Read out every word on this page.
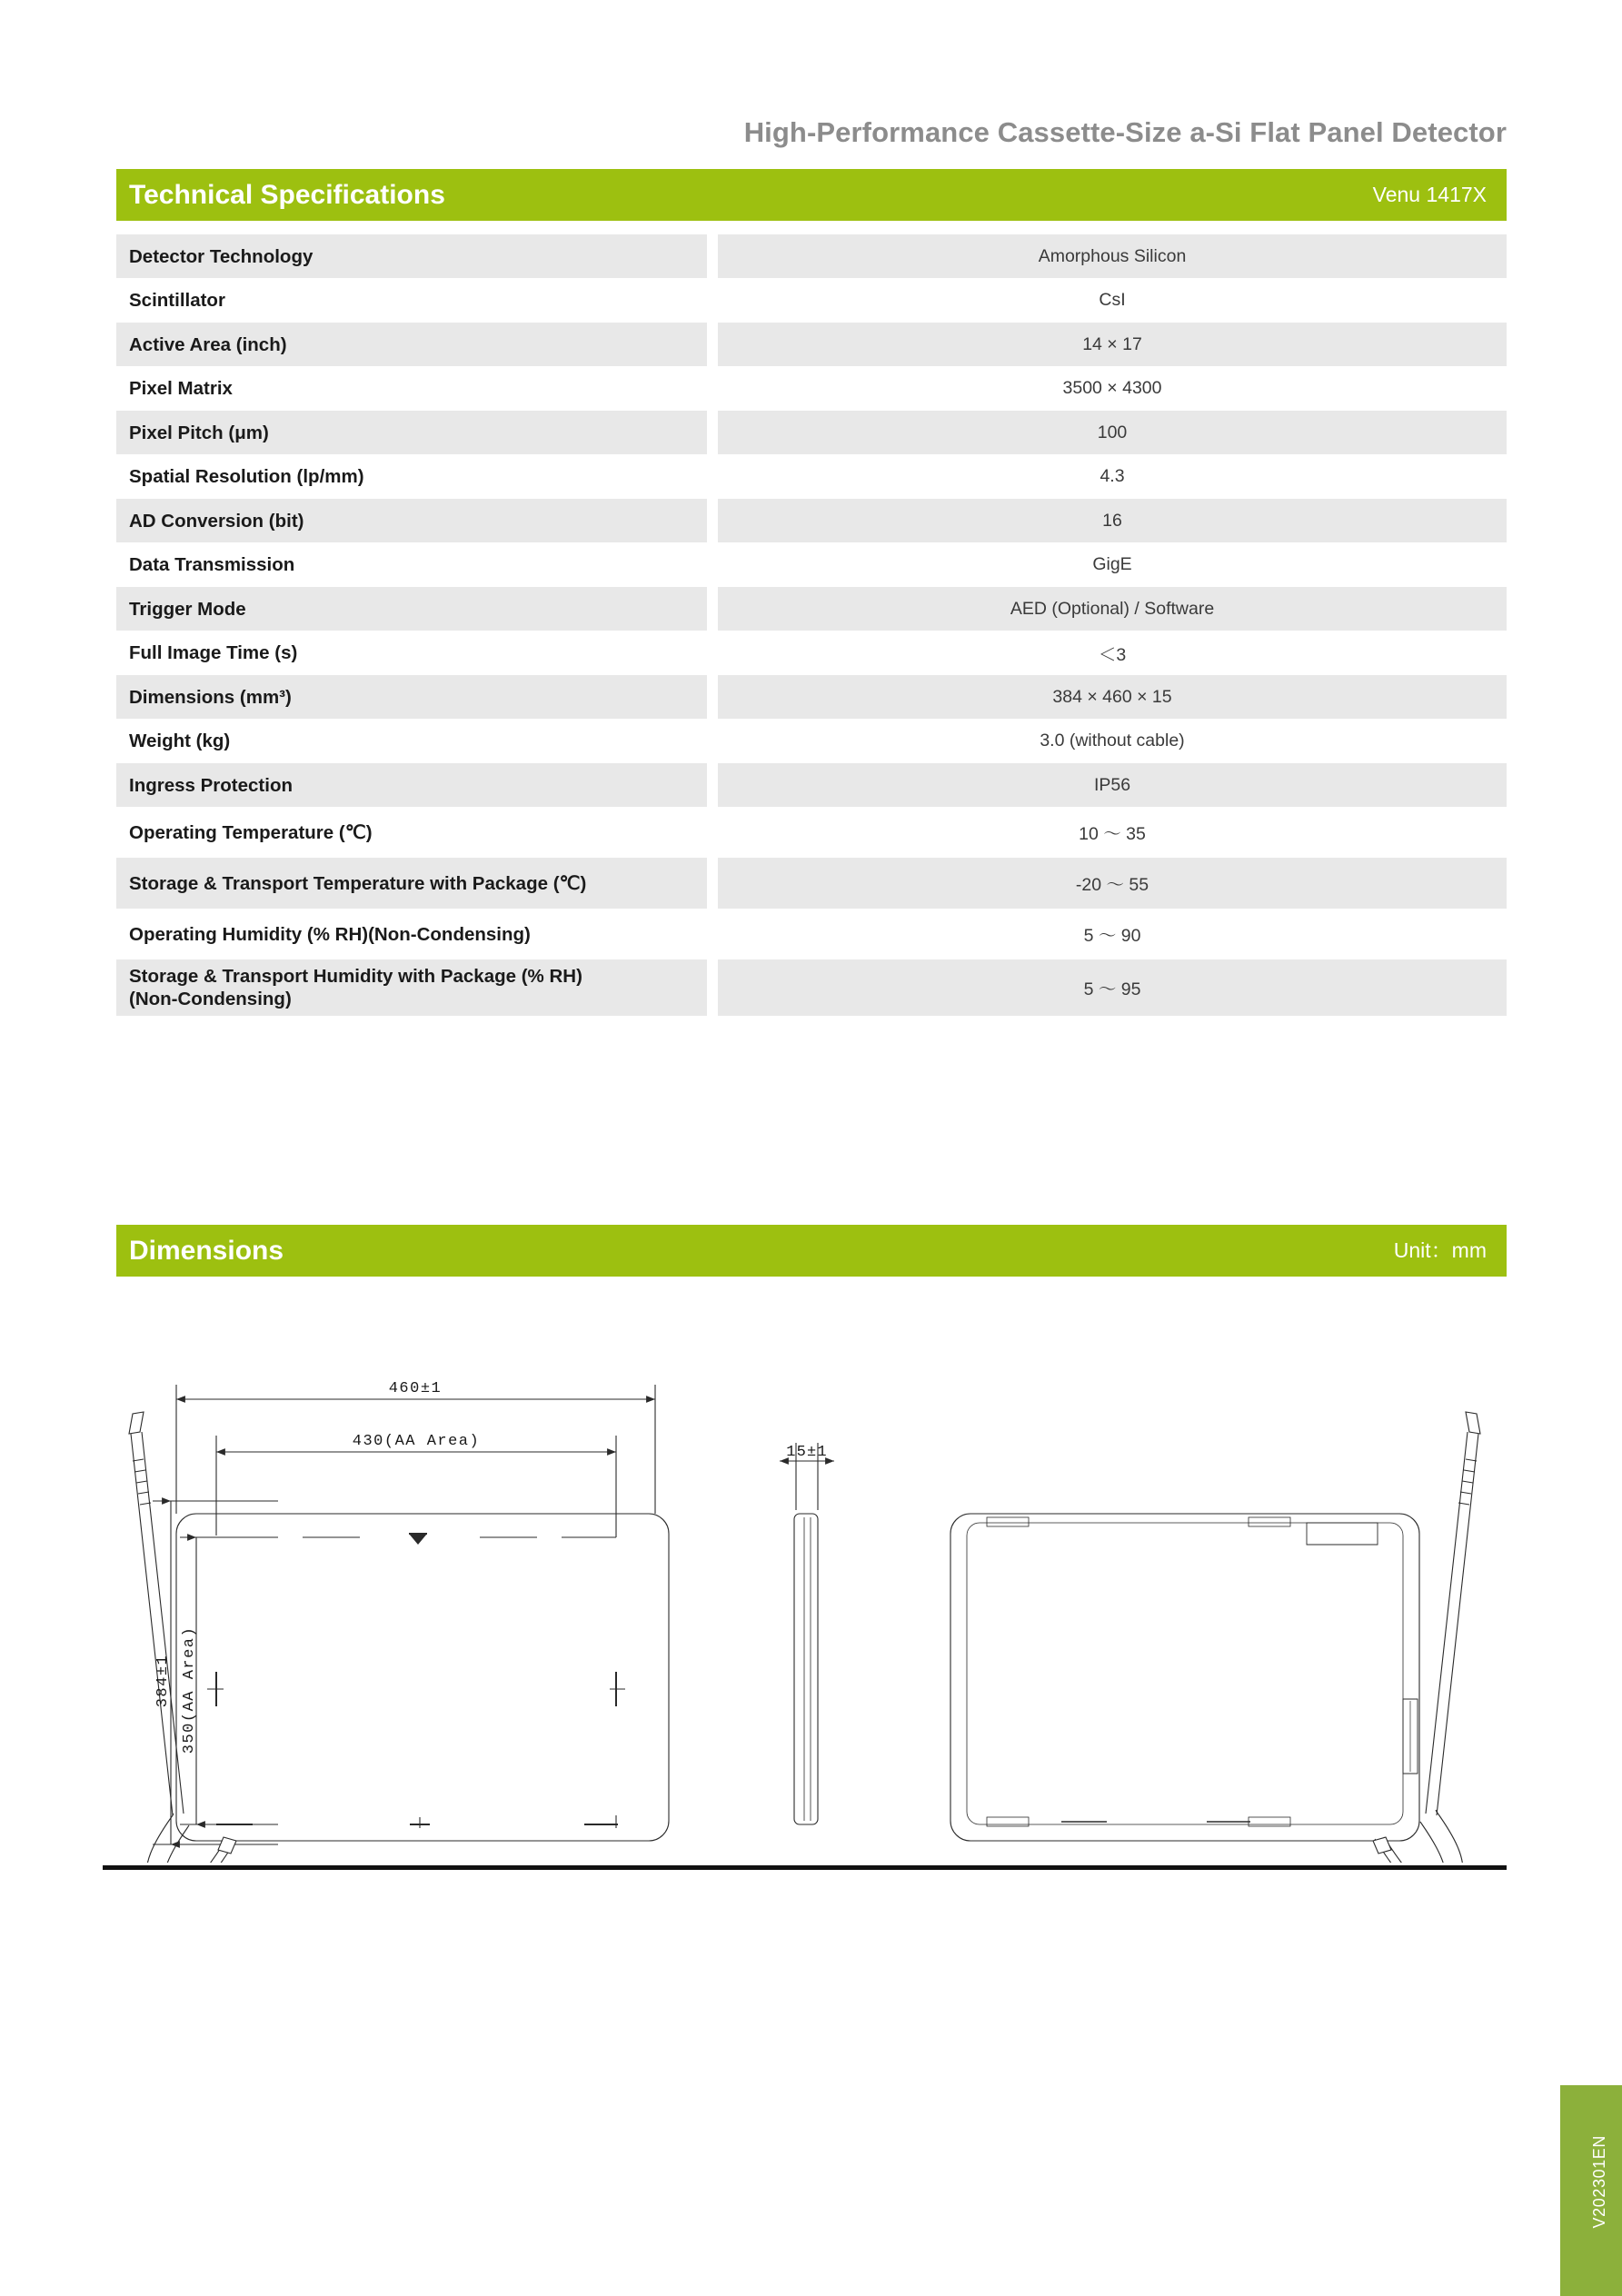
High-Performance Cassette-Size a-Si Flat Panel Detector
Technical Specifications	Venu 1417X
Detector Technology	Amorphous Silicon
Scintillator	CsI
Active Area (inch)	14 × 17
Pixel Matrix	3500 × 4300
Pixel Pitch (μm)	100
Spatial Resolution (lp/mm)	4.3
AD Conversion (bit)	16
Data Transmission	GigE
Trigger Mode	AED (Optional) / Software
Full Image Time (s)	＜3
Dimensions (mm³)	384 × 460 × 15
Weight (kg)	3.0 (without cable)
Ingress Protection	IP56
Operating Temperature (℃)	10 ～ 35
Storage & Transport Temperature with Package (℃)	-20 ～ 55
Operating Humidity (% RH)(Non-Condensing)	5 ～ 90
Storage & Transport Humidity with Package (% RH)
(Non-Condensing)	5 ～ 95
Dimensions	Unit：mm
460±1
430(AA Area)
384±1 350(AA Area)
15±1
V202301EN
